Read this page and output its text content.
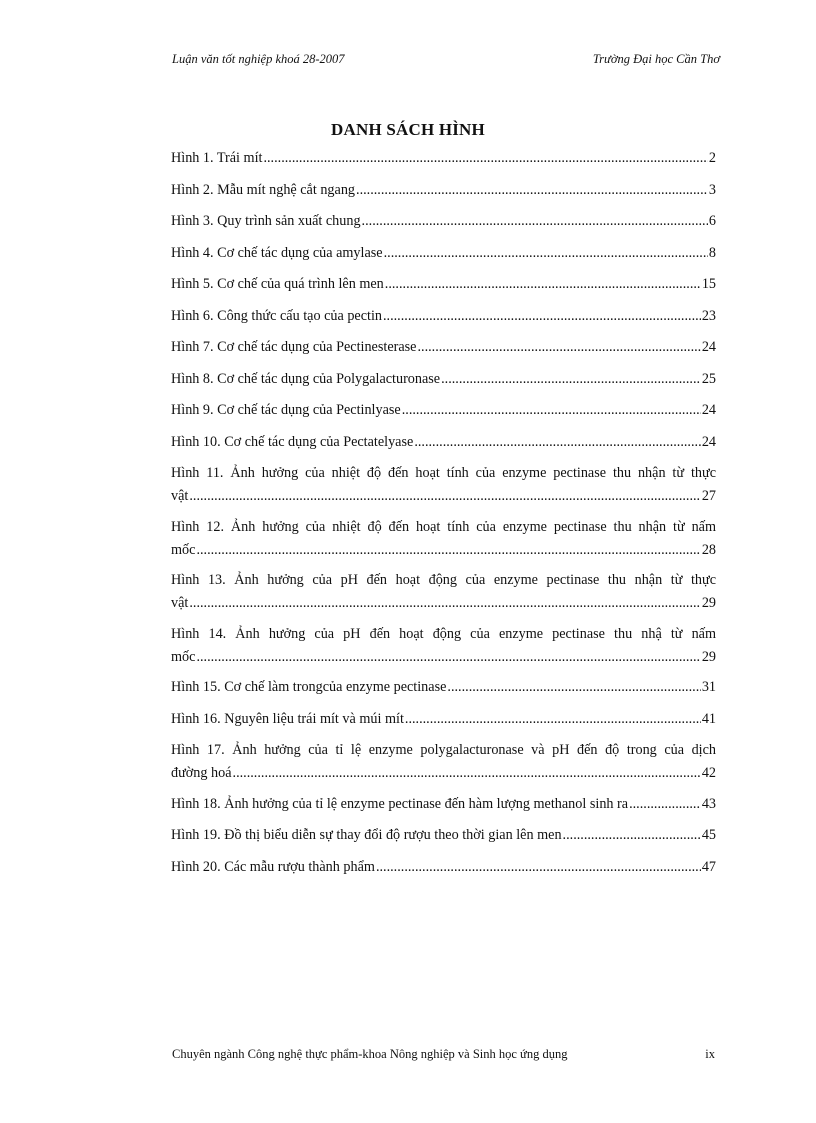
Luận văn tốt nghiệp khoá 28-2007	Trường Đại học Cần Thơ
DANH SÁCH HÌNH
Hình 1. Trái mít .....	2
Hình 2. Mẫu mít nghệ cắt ngang .....	3
Hình 3. Quy trình sản xuất chung .....	6
Hình 4. Cơ chế tác dụng của amylase .....	8
Hình 5. Cơ chế của quá trình lên men .....	15
Hình 6. Công thức cấu tạo của pectin .....	23
Hình 7. Cơ chế tác dụng của Pectinesterase .....	24
Hình 8. Cơ chế tác dụng của Polygalacturonase .....	25
Hình 9. Cơ chế tác dụng của Pectinlyase .....	24
Hình 10. Cơ chế tác dụng của Pectatelyase .....	24
Hình 11. Ảnh hưởng của nhiệt độ đến hoạt tính của enzyme pectinase thu nhận từ thực
vật .....	27
Hình 12. Ảnh hưởng của nhiệt độ đến hoạt tính của enzyme pectinase thu nhận từ nấm
mốc .....	28
Hình 13. Ảnh hưởng của pH đến hoạt động của enzyme pectinase thu nhận từ thực
vật .....	29
Hình 14. Ảnh hưởng của pH đến hoạt động của enzyme pectinase thu nhậ từ nấm
mốc .....	29
Hình 15. Cơ chế làm trongcủa enzyme pectinase .....	31
Hình 16. Nguyên liệu trái mít và múi mít .....	41
Hình 17. Ảnh hưởng của tỉ lệ enzyme polygalacturonase và pH đến độ trong của dịch
đường hoá .....	42
Hình 18. Ảnh hưởng của tỉ lệ enzyme pectinase đến hàm lượng methanol sinh ra .....	43
Hình 19. Đồ thị biểu diễn sự thay đổi độ rượu theo thời gian lên men .....	45
Hình 20. Các mẫu rượu thành phẩm .....	47
Chuyên ngành Công nghệ thực phẩm-khoa Nông nghiệp và Sinh học ứng dụng	ix
